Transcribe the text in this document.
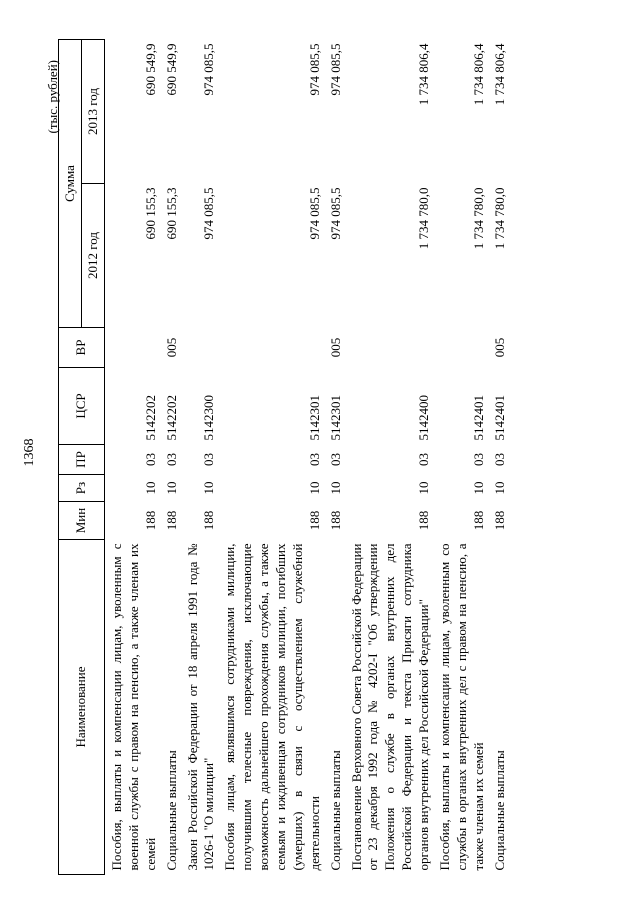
1368
(тыс. рублей)
Наименование	Мин	Рз	ПР	ЦСР	ВР	Сумма	
						2012 год	2013 год
Пособия, выплаты и компенсации лицам, уволенным с военной службы с правом на пенсию, а также членам их семей	188	10	03	5142202		690 155,3	690 549,9
Социальные выплаты	188	10	03	5142202	005	690 155,3	690 549,9
Закон Российской Федерации от 18 апреля 1991 года № 1026-1 "О милиции"	188	10	03	5142300		974 085,5	974 085,5
Пособия лицам, являвшимся сотрудниками милиции, получившим телесные повреждения, исключающие возможность дальнейшего прохождения службы, а также семьям и иждивенцам сотрудников милиции, погибших (умерших) в связи с осуществлением служебной деятельности	188	10	03	5142301		974 085,5	974 085,5
Социальные выплаты	188	10	03	5142301	005	974 085,5	974 085,5
Постановление Верховного Совета Российской Федерации от 23 декабря 1992 года № 4202-I "Об утверждении Положения о службе в органах внутренних дел Российской Федерации и текста Присяги сотрудника органов внутренних дел Российской Федерации"	188	10	03	5142400		1 734 780,0	1 734 806,4
Пособия, выплаты и компенсации лицам, уволенным со службы в органах внутренних дел с правом на пенсию, а также членам их семей	188	10	03	5142401		1 734 780,0	1 734 806,4
Социальные выплаты	188	10	03	5142401	005	1 734 780,0	1 734 806,4
